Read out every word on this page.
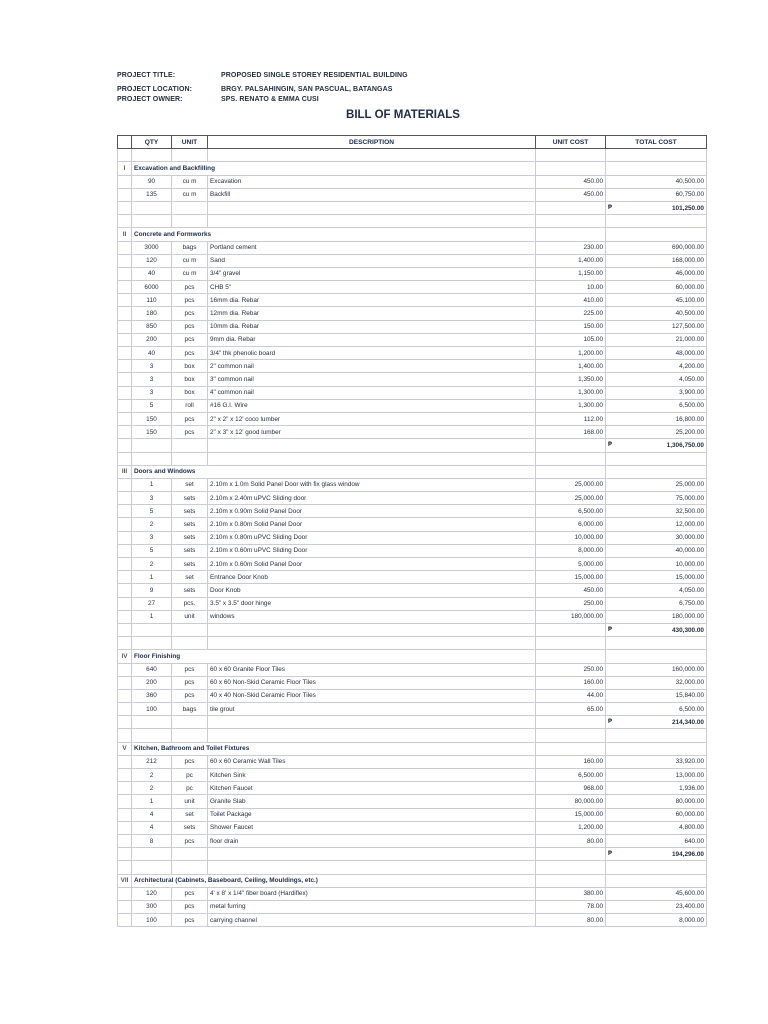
PROJECT TITLE:	PROPOSED SINGLE STOREY RESIDENTIAL BUILDING
PROJECT LOCATION:	BRGY. PALSAHINGIN, SAN PASCUAL, BATANGAS
PROJECT OWNER:	SPS. RENATO & EMMA CUSI
BILL OF MATERIALS
	QTY	UNIT	DESCRIPTION	UNIT COST	TOTAL COST

I	Excavation and Backfilling				
	90	cu m	Excavation	450.00	40,500.00
	135	cu m	Backfill	450.00	60,750.00

					₱ 101,250.00

II	Concrete and Formworks				
	3000	bags	Portland cement	230.00	690,000.00
	120	cu m	Sand	1,400.00	168,000.00
	40	cu m	3/4" gravel	1,150.00	46,000.00
	6000	pcs	CHB 5"	10.00	60,000.00
	110	pcs	16mm dia. Rebar	410.00	45,100.00
	180	pcs	12mm dia. Rebar	225.00	40,500.00
	850	pcs	10mm dia. Rebar	150.00	127,500.00
	200	pcs	9mm dia. Rebar	105.00	21,000.00
	40	pcs	3/4" thk phenolic board	1,200.00	48,000.00
	3	box	2" common nail	1,400.00	4,200.00
	3	box	3" common nail	1,350.00	4,050.00
	3	box	4" common nail	1,300.00	3,900.00
	5	roll	#16 G.I. Wire	1,300.00	6,500.00
	150	pcs	2" x 2" x 12' coco lumber	112.00	16,800.00
	150	pcs	2" x 3" x 12' good lumber	168.00	25,200.00

					₱ 1,306,750.00

III	Doors and Windows				
	1	set	2.10m x 1.0m Solid Panel Door with fix glass window	25,000.00	25,000.00
	3	sets	2.10m x 2.40m uPVC Sliding door	25,000.00	75,000.00
	5	sets	2.10m x 0.90m Solid Panel Door	6,500.00	32,500.00
	2	sets	2.10m x 0.80m Solid Panel Door	6,000.00	12,000.00
	3	sets	2.10m x 0.80m uPVC Sliding Door	10,000.00	30,000.00
	5	sets	2.10m x 0.60m uPVC Sliding Door	8,000.00	40,000.00
	2	sets	2.10m x 0.60m Solid Panel Door	5,000.00	10,000.00
	1	set	Entrance Door Knob	15,000.00	15,000.00
	9	sets	Door Knob	450.00	4,050.00
	27	pcs.	3.5" x 3.5" door hinge	250.00	6,750.00
	1	unit	windows	180,000.00	180,000.00

					₱ 430,300.00

IV	Floor Finishing				
	640	pcs	60 x 60 Granite Floor Tiles	250.00	160,000.00
	200	pcs	60 x 60 Non-Skid Ceramic Floor Tiles	160.00	32,000.00
	360	pcs	40 x 40 Non-Skid Ceramic Floor Tiles	44.00	15,840.00
	100	bags	tile grout	65.00	6,500.00

					₱ 214,340.00

V	Kitchen, Bathroom and Toilet Fixtures				
	212	pcs	60 x 60 Ceramic Wall Tiles	160.00	33,920.00
	2	pc	Kitchen Sink	6,500.00	13,000.00
	2	pc	Kitchen Faucet	968.00	1,936.00
	1	unit	Granite Slab	80,000.00	80,000.00
	4	set	Toilet Package	15,000.00	60,000.00
	4	sets	Shower Faucet	1,200.00	4,800.00
	8	pcs	floor drain	80.00	640.00

					₱ 194,296.00

VII	Architectural (Cabinets, Baseboard, Ceiling, Mouldings, etc.)				
	120	pcs	4' x 8' x 1/4" fiber board (Hardiflex)	380.00	45,600.00
	300	pcs	metal furring	78.00	23,400.00
	100	pcs	carrying channel	80.00	8,000.00
